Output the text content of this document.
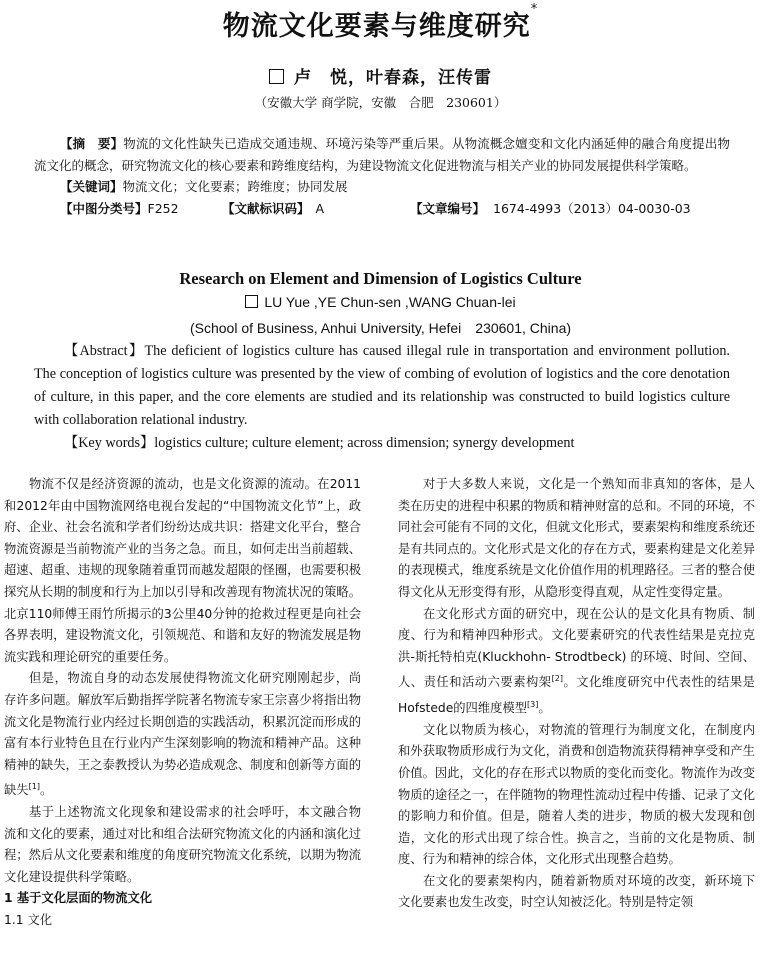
物流文化要素与维度研究*
卢　悦，叶春森，汪传雷
（安徽大学 商学院，安徽　合肥　230601）

【摘　要】物流的文化性缺失已造成交通违规、环境污染等严重后果。从物流概念嬗变和文化内涵延伸的融合角度提出物流文化的概念，研究物流文化的核心要素和跨维度结构，为建设物流文化促进物流与相关产业的协同发展提供科学策略。

【关键词】物流文化；文化要素；跨维度；协同发展

【中图分类号】F252	【文献标识码】 A	【文章编号】 1674-4993（2013）04-0030-03
Research on Element and Dimension of Logistics Culture
LU Yue ,YE Chun-sen ,WANG Chuan-lei
(School of Business, Anhui University, Hefei　230601, China)

【Abstract】The deficient of logistics culture has caused illegal rule in transportation and environment pollution. The conception of logistics culture was presented by the view of combing of evolution of logistics and the core denotation of culture, in this paper, and the core elements are studied and its relationship was constructed to build logistics culture with collaboration relational industry.

【Key words】logistics culture; culture element; across dimension; synergy development

物流不仅是经济资源的流动，也是文化资源的流动。在2011和2012年由中国物流网络电视台发起的“中国物流文化节”上，政府、企业、社会名流和学者们纷纷达成共识：搭建文化平台，整合物流资源是当前物流产业的当务之急。而且，如何走出当前超载、超速、超重、违规的现象随着重罚而越发超限的怪圈，也需要积极探究从长期的制度和行为上加以引导和改善现有物流状况的策略。北京110师傅王雨竹所揭示的3公里40分钟的抢救过程更是向社会各界表明，建设物流文化，引领规范、和谐和友好的物流发展是物流实践和理论研究的重要任务。

但是，物流自身的动态发展使得物流文化研究刚刚起步，尚存许多问题。解放军后勤指挥学院著名物流专家王宗喜少将指出物流文化是物流行业内经过长期创造的实践活动，积累沉淀而形成的富有本行业特色且在行业内产生深刻影响的物流和精神产品。这种精神的缺失，王之泰教授认为势必造成观念、制度和创新等方面的缺失[1]。

基于上述物流文化现象和建设需求的社会呼吁，本文融合物流和文化的要素，通过对比和组合法研究物流文化的内涵和演化过程；然后从文化要素和维度的角度研究物流文化系统，以期为物流文化建设提供科学策略。

1 基于文化层面的物流文化

1.1 文化

对于大多数人来说，文化是一个熟知而非真知的客体，是人类在历史的进程中积累的物质和精神财富的总和。不同的环境，不同社会可能有不同的文化，但就文化形式，要素架构和维度系统还是有共同点的。文化形式是文化的存在方式，要素构建是文化差异的表现模式，维度系统是文化价值作用的机理路径。三者的整合使得文化从无形变得有形，从隐形变得直观，从定性变得定量。

在文化形式方面的研究中，现在公认的是文化具有物质、制度、行为和精神四种形式。文化要素研究的代表性结果是克拉克洪-斯托特柏克(Kluckhohn- Strodtbeck) 的环境、时间、空间、人、责任和活动六要素构架[2]。文化维度研究中代表性的结果是Hofstede的四维度模型[3]。

文化以物质为核心，对物流的管理行为制度文化，在制度内和外获取物质形成行为文化，消费和创造物流获得精神享受和产生价值。因此，文化的存在形式以物质的变化而变化。物流作为改变物质的途径之一，在伴随物的物理性流动过程中传播、记录了文化的影响力和价值。但是，随着人类的进步，物质的极大发现和创造，文化的形式出现了综合性。换言之，当前的文化是物质、制度、行为和精神的综合体，文化形式出现整合趋势。

在文化的要素架构内，随着新物质对环境的改变，新环境下文化要素也发生改变，时空认知被泛化。特别是特定领
